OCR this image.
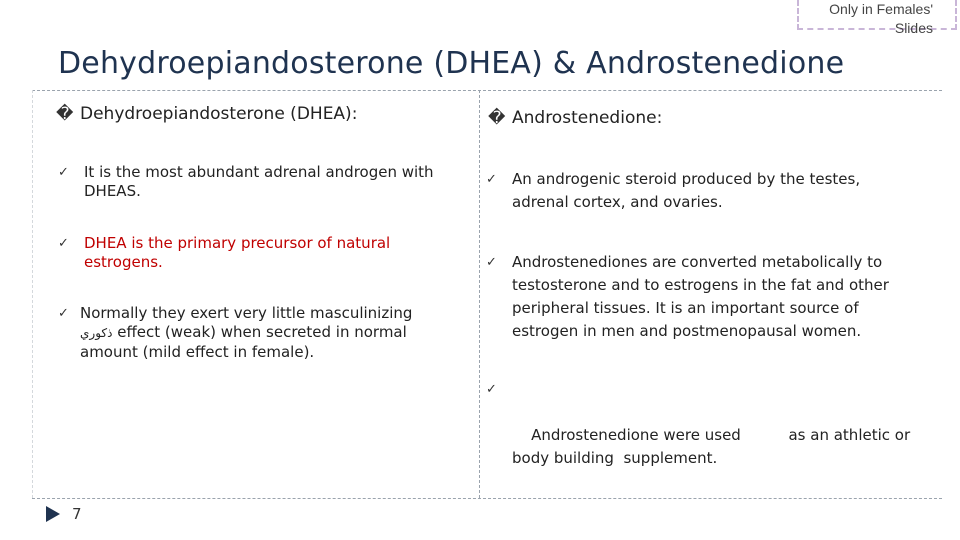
Only in Females'
Slides
Dehydroepiandosterone (DHEA) & Androstenedione
� Dehydroepiandosterone (DHEA):
✓ It is the most abundant adrenal androgen with DHEAS.
✓ DHEA is the primary precursor of natural estrogens.
✓ Normally they exert very little masculinizing ذكوري effect (weak) when secreted in normal amount (mild effect in female).
� Androstenedione:
✓ An androgenic steroid produced by the testes, adrenal cortex, and ovaries.
✓ Androstenediones are converted metabolically to testosterone and to estrogens in the fat and other peripheral tissues. It is an important source of estrogen in men and postmenopausal women.

✓

Androstenedione were used          as an athletic or body building  supplement.

7
